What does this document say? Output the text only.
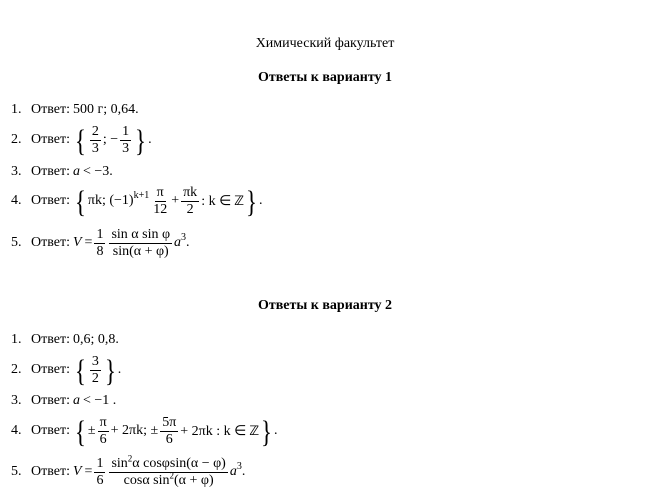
Химический факультет
Ответы к варианту 1
1. Ответ: 500 г; 0,64.
2. Ответ: { $\frac{2}{3}$ ; − $\frac{1}{3}$ } .
3. Ответ: a < −3.
4. Ответ: { πk; (−1) $k+1 \frac{\pi}{12} + \frac{\pi k}{2}$ : k ∈ ℤ } .
5. Ответ: $V = \frac{1}{8} \frac{\text{sin α sin φ}}{\sin(\alpha + \varphi)}$ a 3 .
Ответы к варианту 2
1. Ответ: 0,6; 0,8.
2. Ответ: { $\frac{3}{2}$ } .
3. Ответ: a < −1 .
4. Ответ: { ± $\frac{\pi}{6} + 2\pi k$; ± $\frac{5\pi}{6} + 2\pi k$ : k ∈ ℤ } .
5. Ответ: $V = \frac{1}{6} \frac{\sin^2\alpha \cos\varphi\sin(\alpha - \varphi)}{\cos\alpha \sin^2(\alpha + \varphi)}$ a 3 .
